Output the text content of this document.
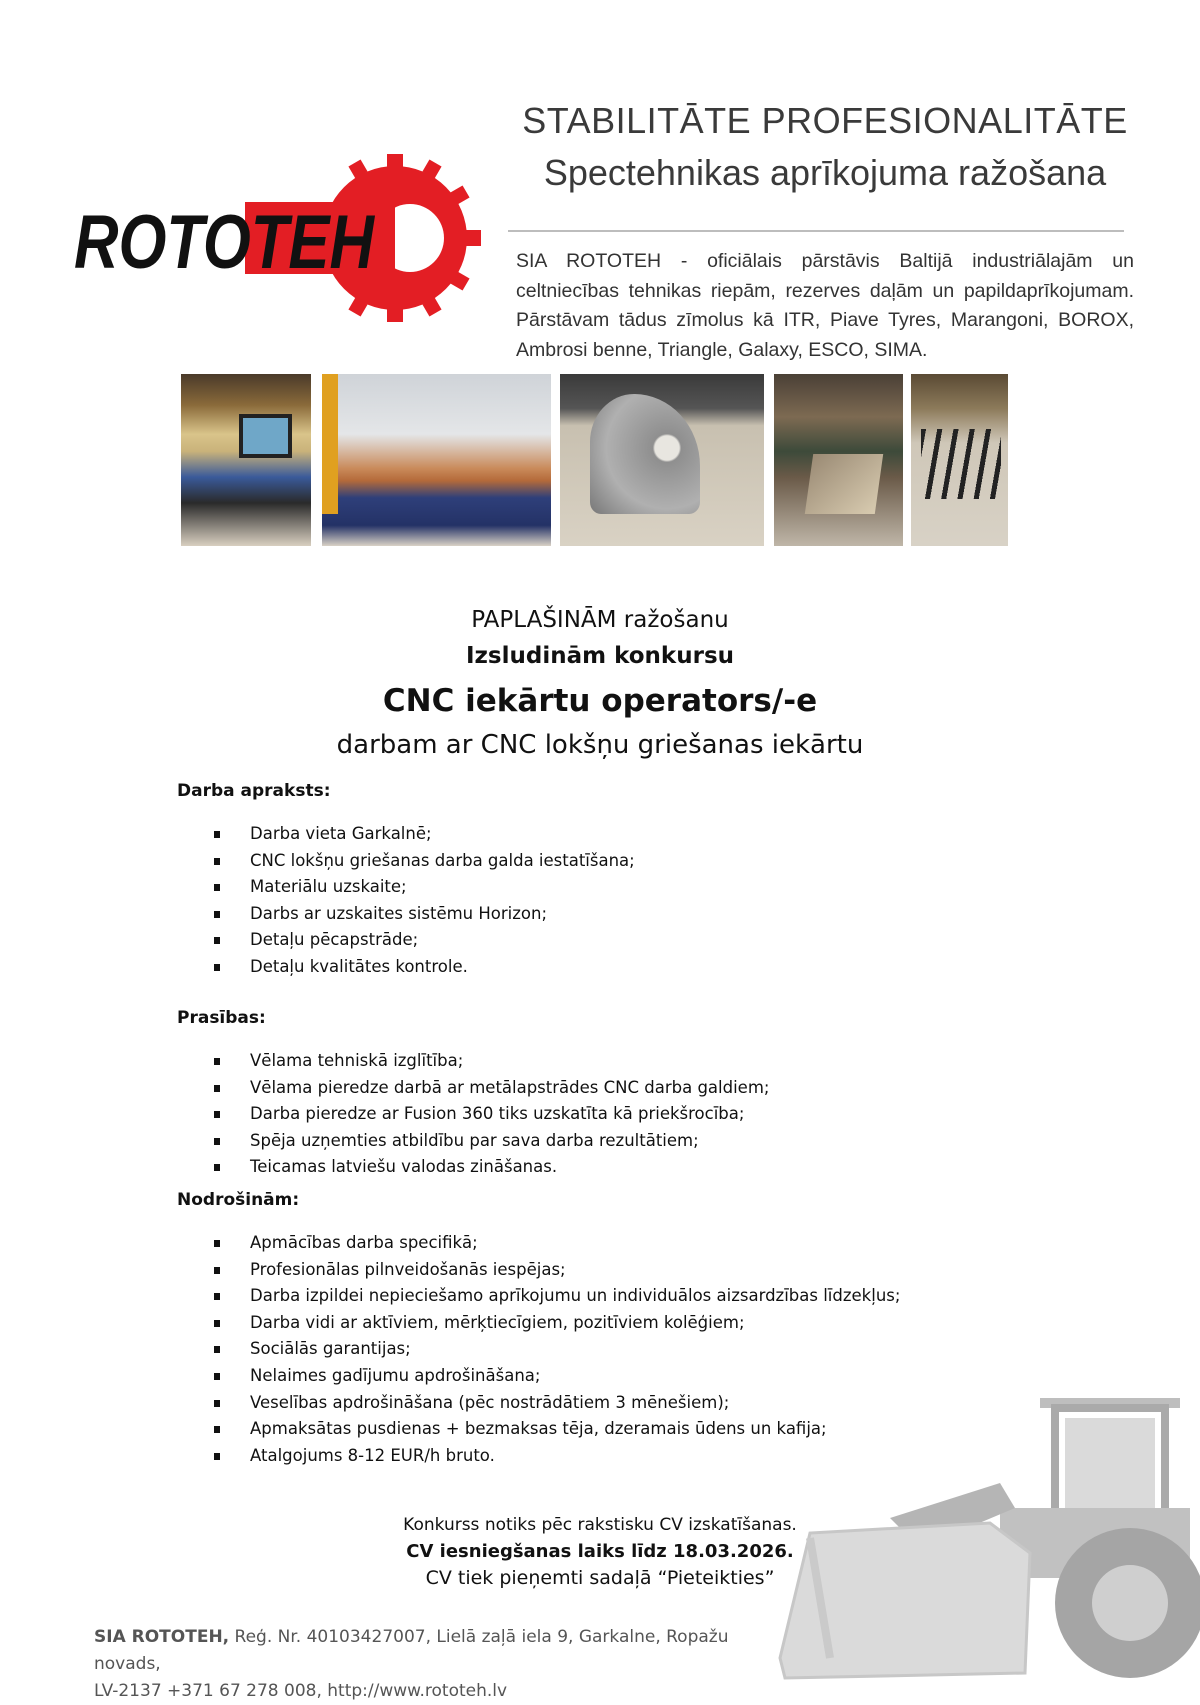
ROTOTEH
STABILITĀTE PROFESIONALITĀTE
Spectehnikas aprīkojuma ražošana
SIA ROTOTEH - oficiālais pārstāvis Baltijā industriālajām un celtniecības tehnikas riepām, rezerves daļām un papildaprīkojumam. Pārstāvam tādus zīmolus kā ITR, Piave Tyres, Marangoni, BOROX, Ambrosi benne, Triangle, Galaxy, ESCO, SIMA.
PAPLAŠINĀM ražošanu
Izsludinām konkursu
CNC iekārtu operators/-e
darbam ar CNC lokšņu griešanas iekārtu
Darba apraksts:
Darba vieta Garkalnē;
CNC lokšņu griešanas darba galda iestatīšana;
Materiālu uzskaite;
Darbs ar uzskaites sistēmu Horizon;
Detaļu pēcapstrāde;
Detaļu kvalitātes kontrole.
Prasības:
Vēlama tehniskā izglītība;
Vēlama pieredze darbā ar metālapstrādes CNC darba galdiem;
Darba pieredze ar Fusion 360 tiks uzskatīta kā priekšrocība;
Spēja uzņemties atbildību par sava darba rezultātiem;
Teicamas latviešu valodas zināšanas.
Nodrošinām:
Apmācības darba specifikā;
Profesionālas pilnveidošanās iespējas;
Darba izpildei nepieciešamo aprīkojumu un individuālos aizsardzības līdzekļus;
Darba vidi ar aktīviem, mērķtiecīgiem, pozitīviem kolēģiem;
Sociālās garantijas;
Nelaimes gadījumu apdrošināšana;
Veselības apdrošināšana (pēc nostrādātiem 3 mēnešiem);
Apmaksātas pusdienas + bezmaksas tēja, dzeramais ūdens un kafija;
Atalgojums 8-12 EUR/h bruto.
Konkurss notiks pēc rakstisku CV izskatīšanas.
CV iesniegšanas laiks līdz 18.03.2026.
CV tiek pieņemti sadaļā “Pieteikties”
SIA ROTOTEH, Reģ. Nr. 40103427007, Lielā zaļā iela 9, Garkalne, Ropažu novads,
LV-2137 +371 67 278 008, http://www.rototeh.lv
